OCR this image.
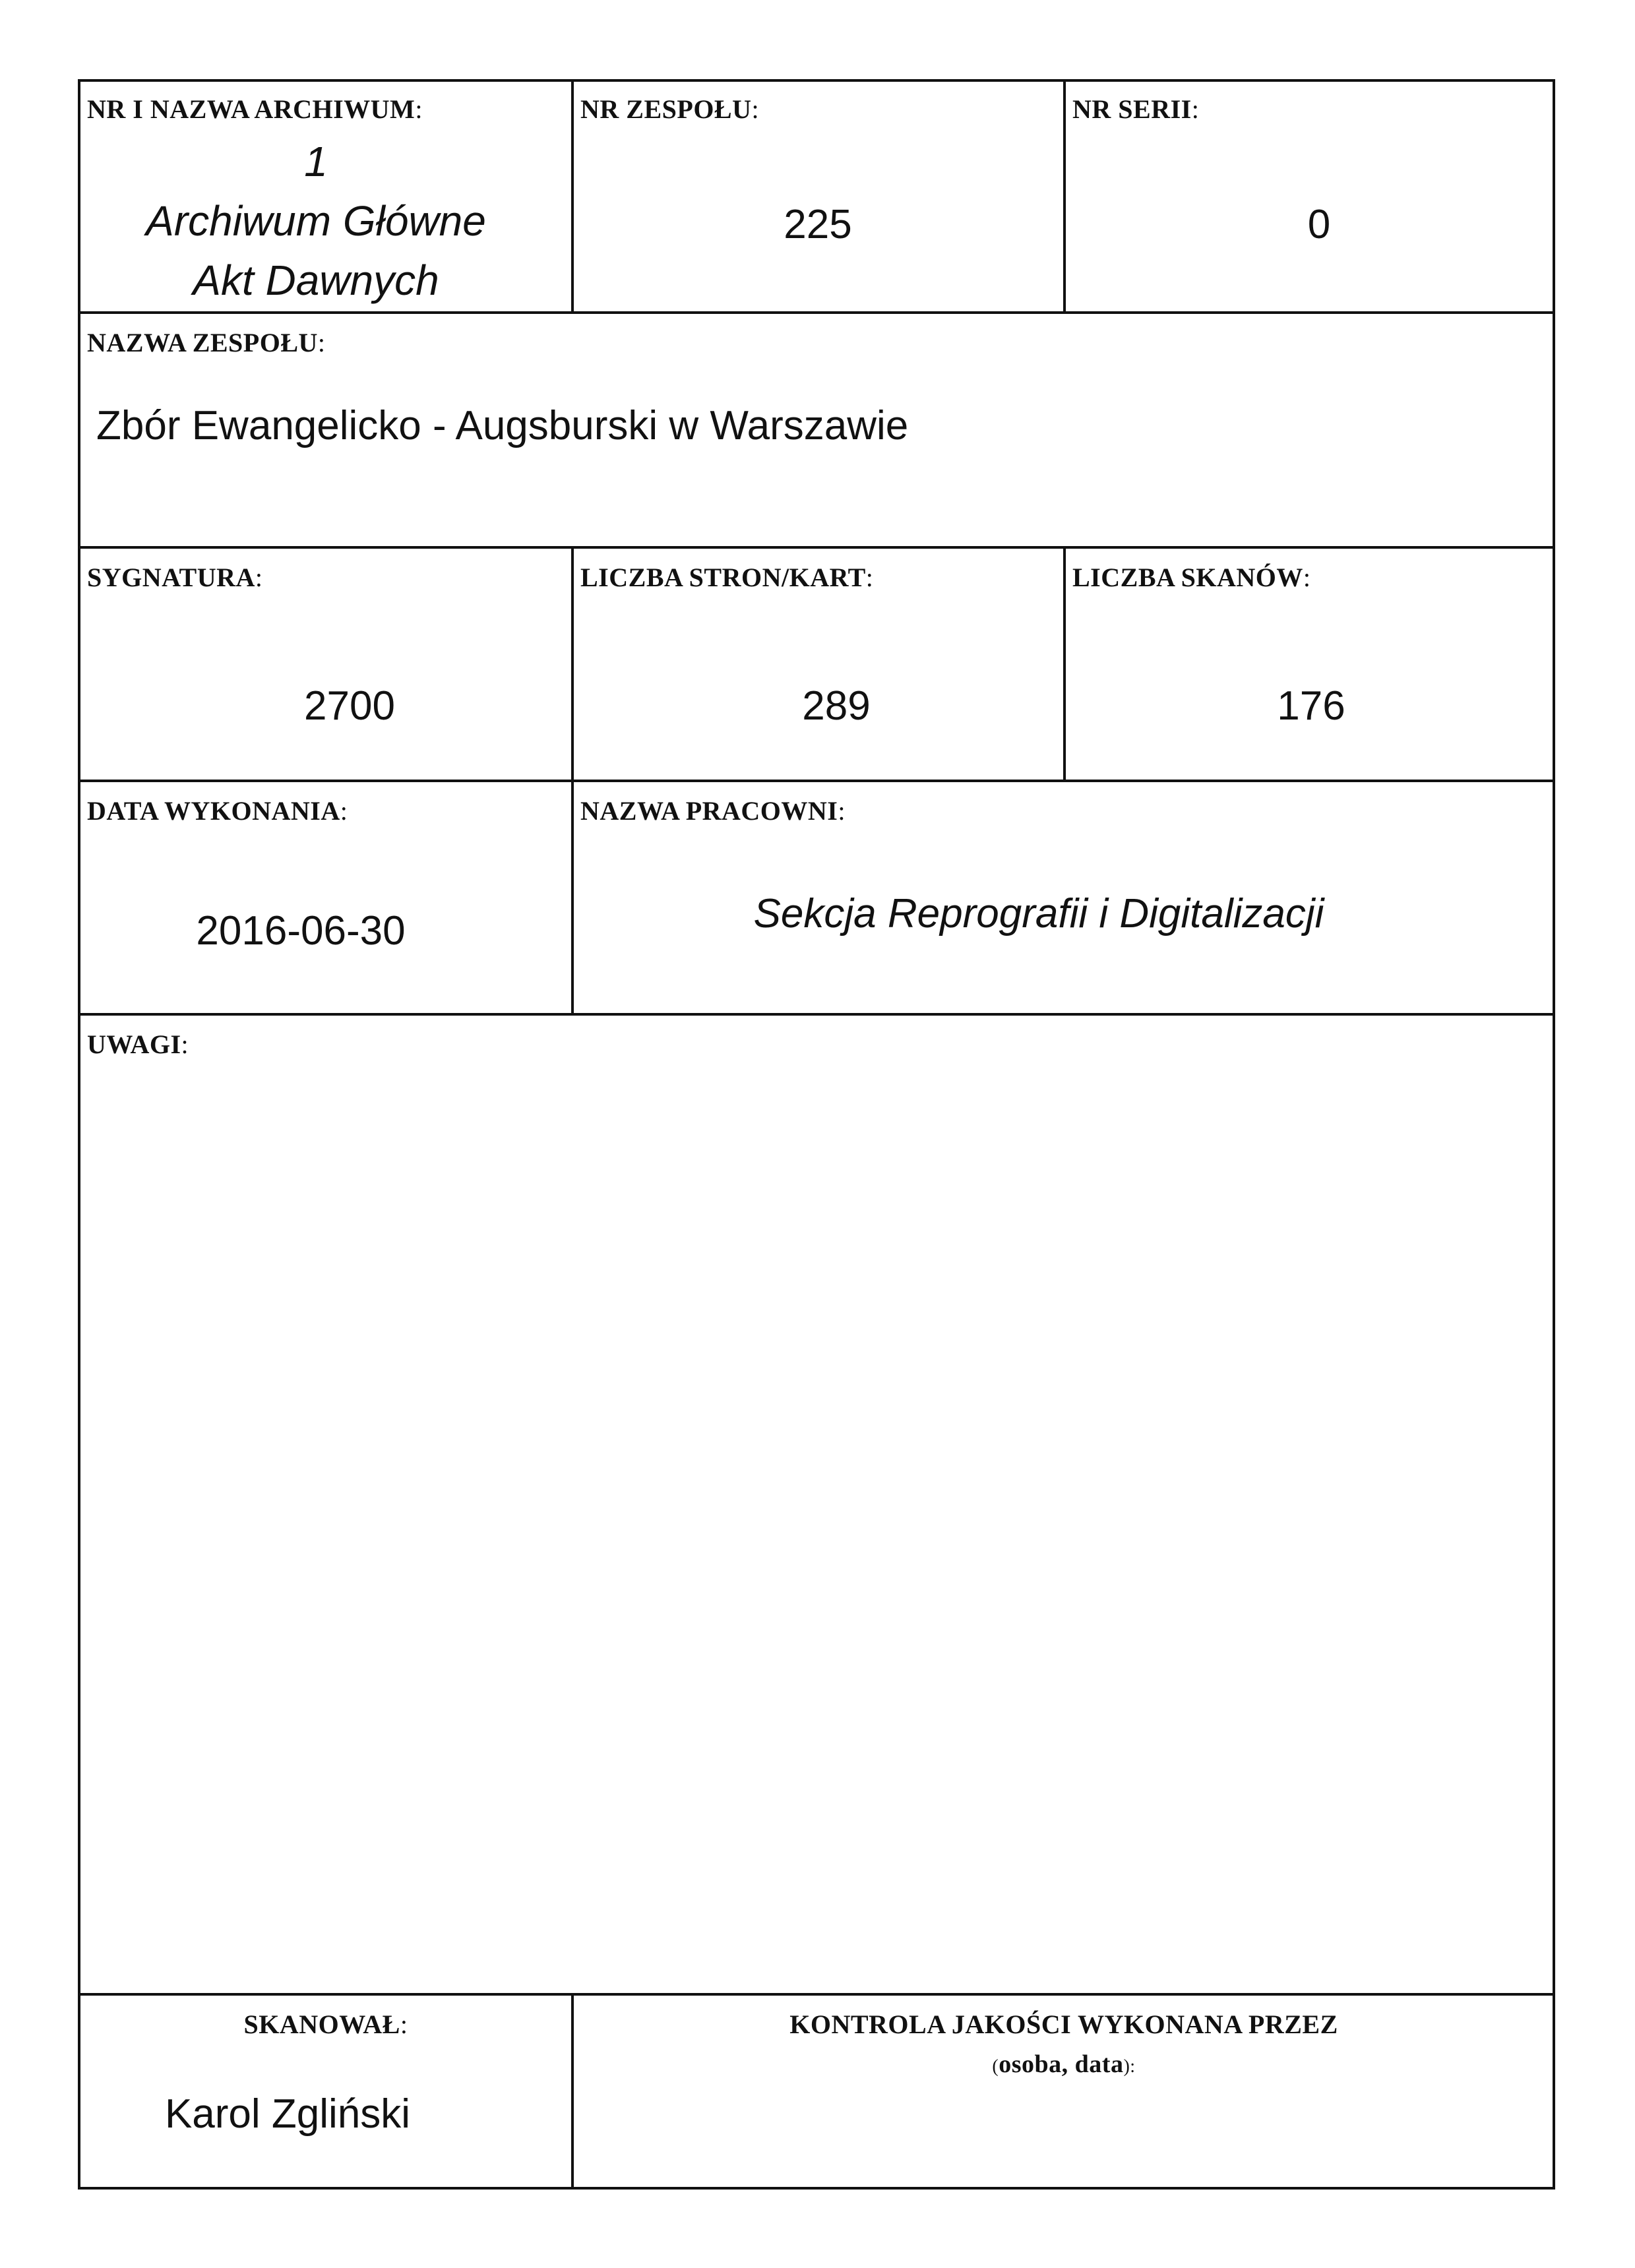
NR I NAZWA ARCHIWUM:
1
Archiwum Główne
Akt Dawnych
NR ZESPOŁU:
225
NR SERII:
0
NAZWA ZESPOŁU:
Zbór Ewangelicko - Augsburski w Warszawie
SYGNATURA:
2700
LICZBA STRON/KART:
289
LICZBA SKANÓW:
176
DATA WYKONANIA:
2016-06-30
NAZWA PRACOWNI:
Sekcja Reprografii i Digitalizacji
UWAGI:
SKANOWAŁ:
Karol Zgliński
KONTROLA JAKOŚCI WYKONANA PRZEZ
(osoba, data):
